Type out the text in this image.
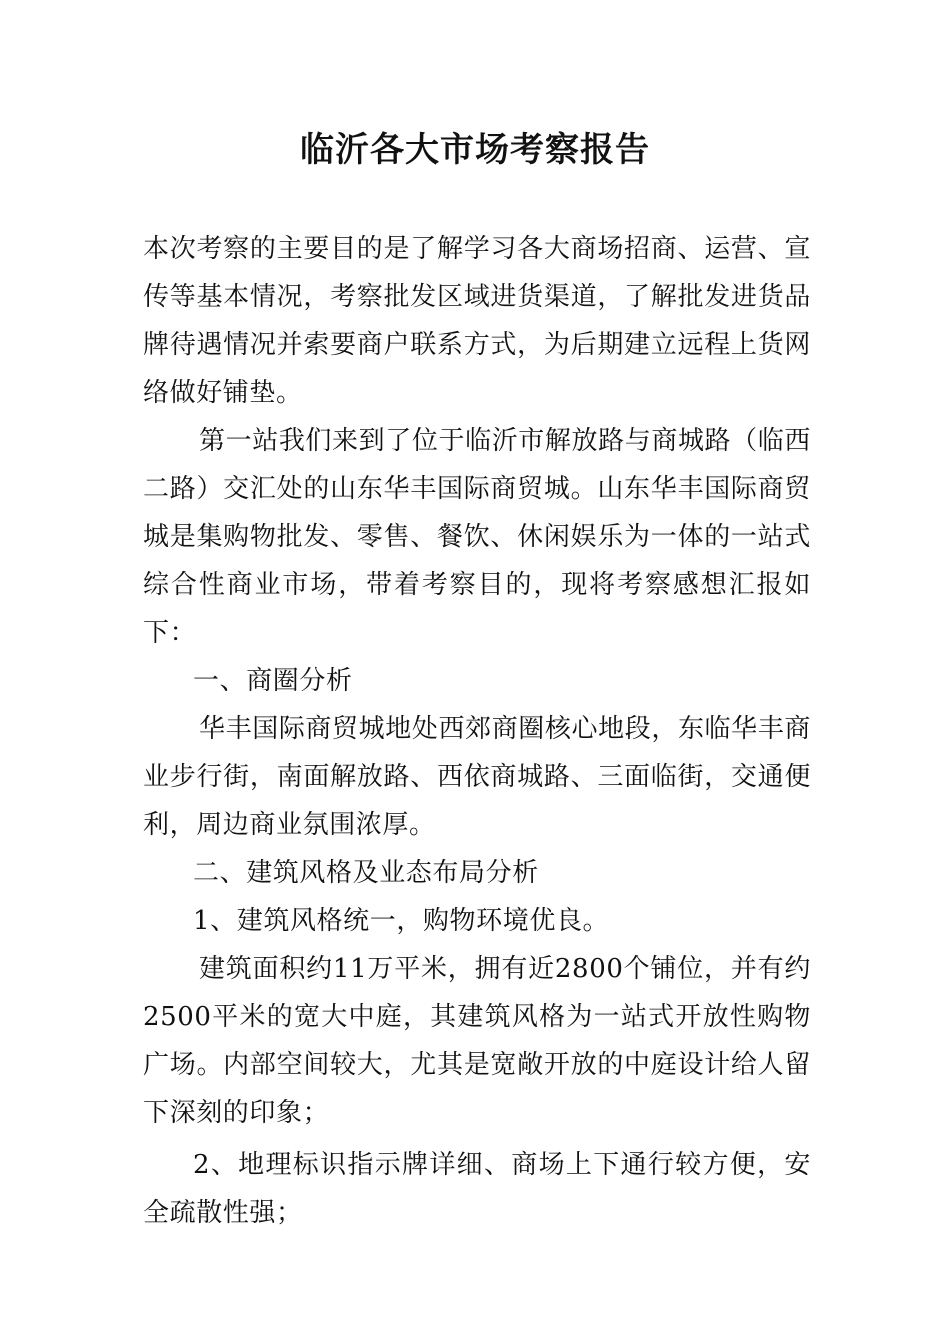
临沂各大市场考察报告

本次考察的主要目的是了解学习各大商场招商、运营、宣传等基本情况，考察批发区域进货渠道，了解批发进货品牌待遇情况并索要商户联系方式，为后期建立远程上货网络做好铺垫。

第一站我们来到了位于临沂市解放路与商城路（临西二路）交汇处的山东华丰国际商贸城。山东华丰国际商贸城是集购物批发、零售、餐饮、休闲娱乐为一体的一站式综合性商业市场，带着考察目的，现将考察感想汇报如下：

一、商圈分析

华丰国际商贸城地处西郊商圈核心地段，东临华丰商业步行街，南面解放路、西依商城路、三面临街，交通便利，周边商业氛围浓厚。

二、建筑风格及业态布局分析

1、建筑风格统一，购物环境优良。

建筑面积约11万平米，拥有近2800个铺位，并有约2500平米的宽大中庭，其建筑风格为一站式开放性购物广场。内部空间较大，尤其是宽敞开放的中庭设计给人留下深刻的印象；

2、地理标识指示牌详细、商场上下通行较方便，安全疏散性强；
